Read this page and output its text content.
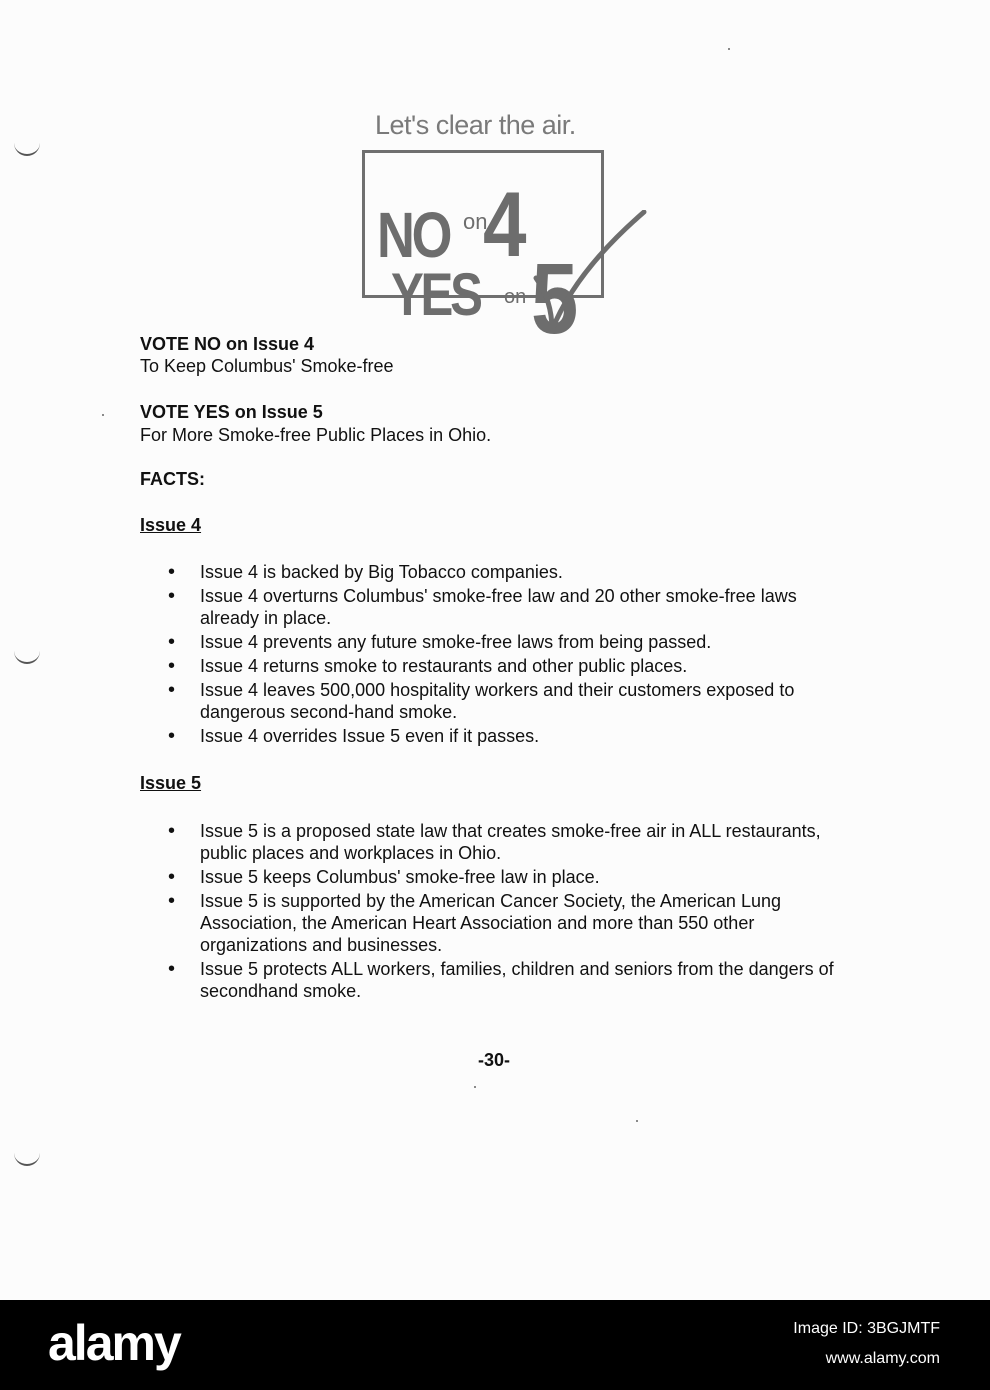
Let's clear the air.
NO on
4
YES on 5
VOTE NO on Issue 4
To Keep Columbus' Smoke-free
VOTE YES on Issue 5
For More Smoke-free Public Places in Ohio.
FACTS:
Issue 4
• Issue 4 is backed by Big Tobacco companies.
• Issue 4 overturns Columbus' smoke-free law and 20 other smoke-free laws already in place.
• Issue 4 prevents any future smoke-free laws from being passed.
• Issue 4 returns smoke to restaurants and other public places.
• Issue 4 leaves 500,000 hospitality workers and their customers exposed to dangerous second-hand smoke.
• Issue 4 overrides Issue 5 even if it passes.
Issue 5
• Issue 5 is a proposed state law that creates smoke-free air in ALL restaurants, public places and workplaces in Ohio.
• Issue 5 keeps Columbus' smoke-free law in place.
• Issue 5 is supported by the American Cancer Society, the American Lung Association, the American Heart Association and more than 550 other organizations and businesses.
• Issue 5 protects ALL workers, families, children and seniors from the dangers of secondhand smoke.
-30-
alamy	Image ID: 3BGJMTF
www.alamy.com
